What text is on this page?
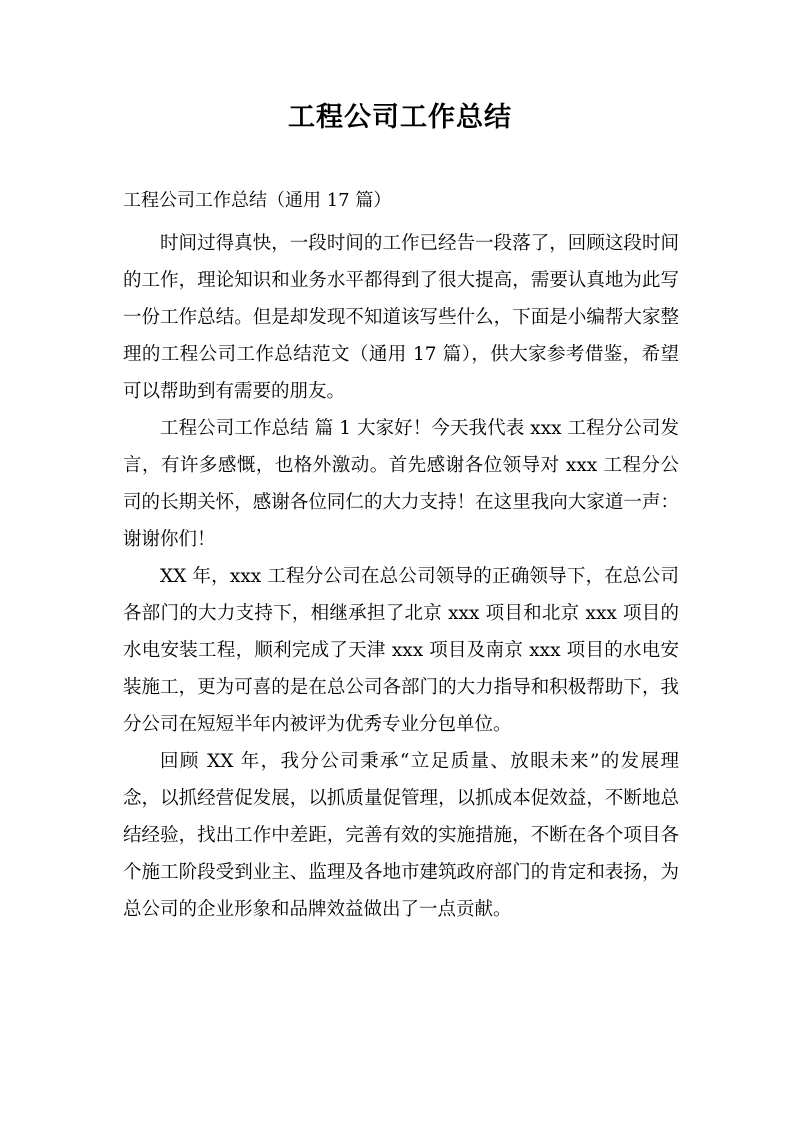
工程公司工作总结

工程公司工作总结（通用 17 篇）

时间过得真快，一段时间的工作已经告一段落了，回顾这段时间的工作，理论知识和业务水平都得到了很大提高，需要认真地为此写一份工作总结。但是却发现不知道该写些什么，下面是小编帮大家整理的工程公司工作总结范文（通用 17 篇），供大家参考借鉴，希望可以帮助到有需要的朋友。

工程公司工作总结 篇 1 大家好！今天我代表 xxx 工程分公司发言，有许多感慨，也格外激动。首先感谢各位领导对 xxx 工程分公司的长期关怀，感谢各位同仁的大力支持！在这里我向大家道一声：谢谢你们！

XX 年，xxx 工程分公司在总公司领导的正确领导下，在总公司各部门的大力支持下，相继承担了北京 xxx 项目和北京 xxx 项目的水电安装工程，顺利完成了天津 xxx 项目及南京 xxx 项目的水电安装施工，更为可喜的是在总公司各部门的大力指导和积极帮助下，我分公司在短短半年内被评为优秀专业分包单位。

回顾 XX 年，我分公司秉承“立足质量、放眼未来”的发展理念，以抓经营促发展，以抓质量促管理，以抓成本促效益，不断地总结经验，找出工作中差距，完善有效的实施措施，不断在各个项目各个施工阶段受到业主、监理及各地市建筑政府部门的肯定和表扬，为总公司的企业形象和品牌效益做出了一点贡献。
